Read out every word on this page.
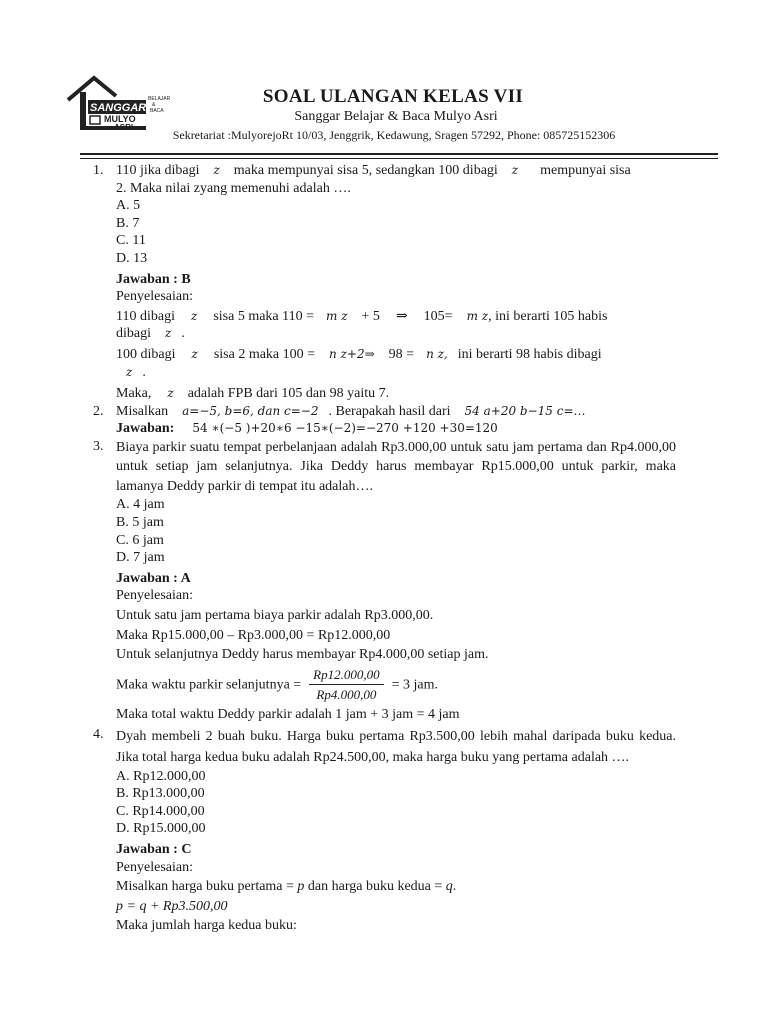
SANGGAR
BELAJAR
&
BACA
MULYO
ASRI
SOAL ULANGAN KELAS VII
Sanggar Belajar & Baca Mulyo Asri
Sekretariat :MulyorejoRt 10/03, Jenggrik, Kedawung, Sragen 57292, Phone: 085725152306
1. 110 jika dibagi z maka mempunyai sisa 5, sedangkan 100 dibagi z mempunyai sisa
2. Maka nilai zyang memenuhi adalah ….
A. 5
B. 7
C. 11
D. 13
Jawaban : B
Penyelesaian:
110 dibagi z sisa 5 maka 110 = m z + 5 ⇒ 105= m z, ini berarti 105 habis
dibagi z .
100 dibagi z sisa 2 maka 100 = n z+2⇒ 98 = n z, ini berarti 98 habis dibagi
z .
Maka, z adalah FPB dari 105 dan 98 yaitu 7.
2. Misalkan a=−5, b=6, dan c=−2 . Berapakah hasil dari 54 a+20 b−15 c=…
Jawaban: 54 ∗(−5 )+20∗6 −15∗(−2)=−270 +120 +30=120
3. Biaya parkir suatu tempat perbelanjaan adalah Rp3.000,00 untuk satu jam pertama dan Rp4.000,00 untuk setiap jam selanjutnya. Jika Deddy harus membayar Rp15.000,00 untuk parkir, maka lamanya Deddy parkir di tempat itu adalah….
A. 4 jam
B. 5 jam
C. 6 jam
D. 7 jam
Jawaban : A
Penyelesaian:
Untuk satu jam pertama biaya parkir adalah Rp3.000,00.
Maka Rp15.000,00 – Rp3.000,00 = Rp12.000,00
Untuk selanjutnya Deddy harus membayar Rp4.000,00 setiap jam.
Maka waktu parkir selanjutnya = $\frac{Rp12.000,00}{Rp4.000,00} = 3$ jam.
Maka total waktu Deddy parkir adalah 1 jam + 3 jam = 4 jam
4. Dyah membeli 2 buah buku. Harga buku pertama Rp3.500,00 lebih mahal daripada buku kedua. Jika total harga kedua buku adalah Rp24.500,00, maka harga buku yang pertama adalah ….
A. Rp12.000,00
B. Rp13.000,00
C. Rp14.000,00
D. Rp15.000,00
Jawaban : C
Penyelesaian:
Misalkan harga buku pertama = p dan harga buku kedua = q.
p = q + Rp3.500,00
Maka jumlah harga kedua buku:
